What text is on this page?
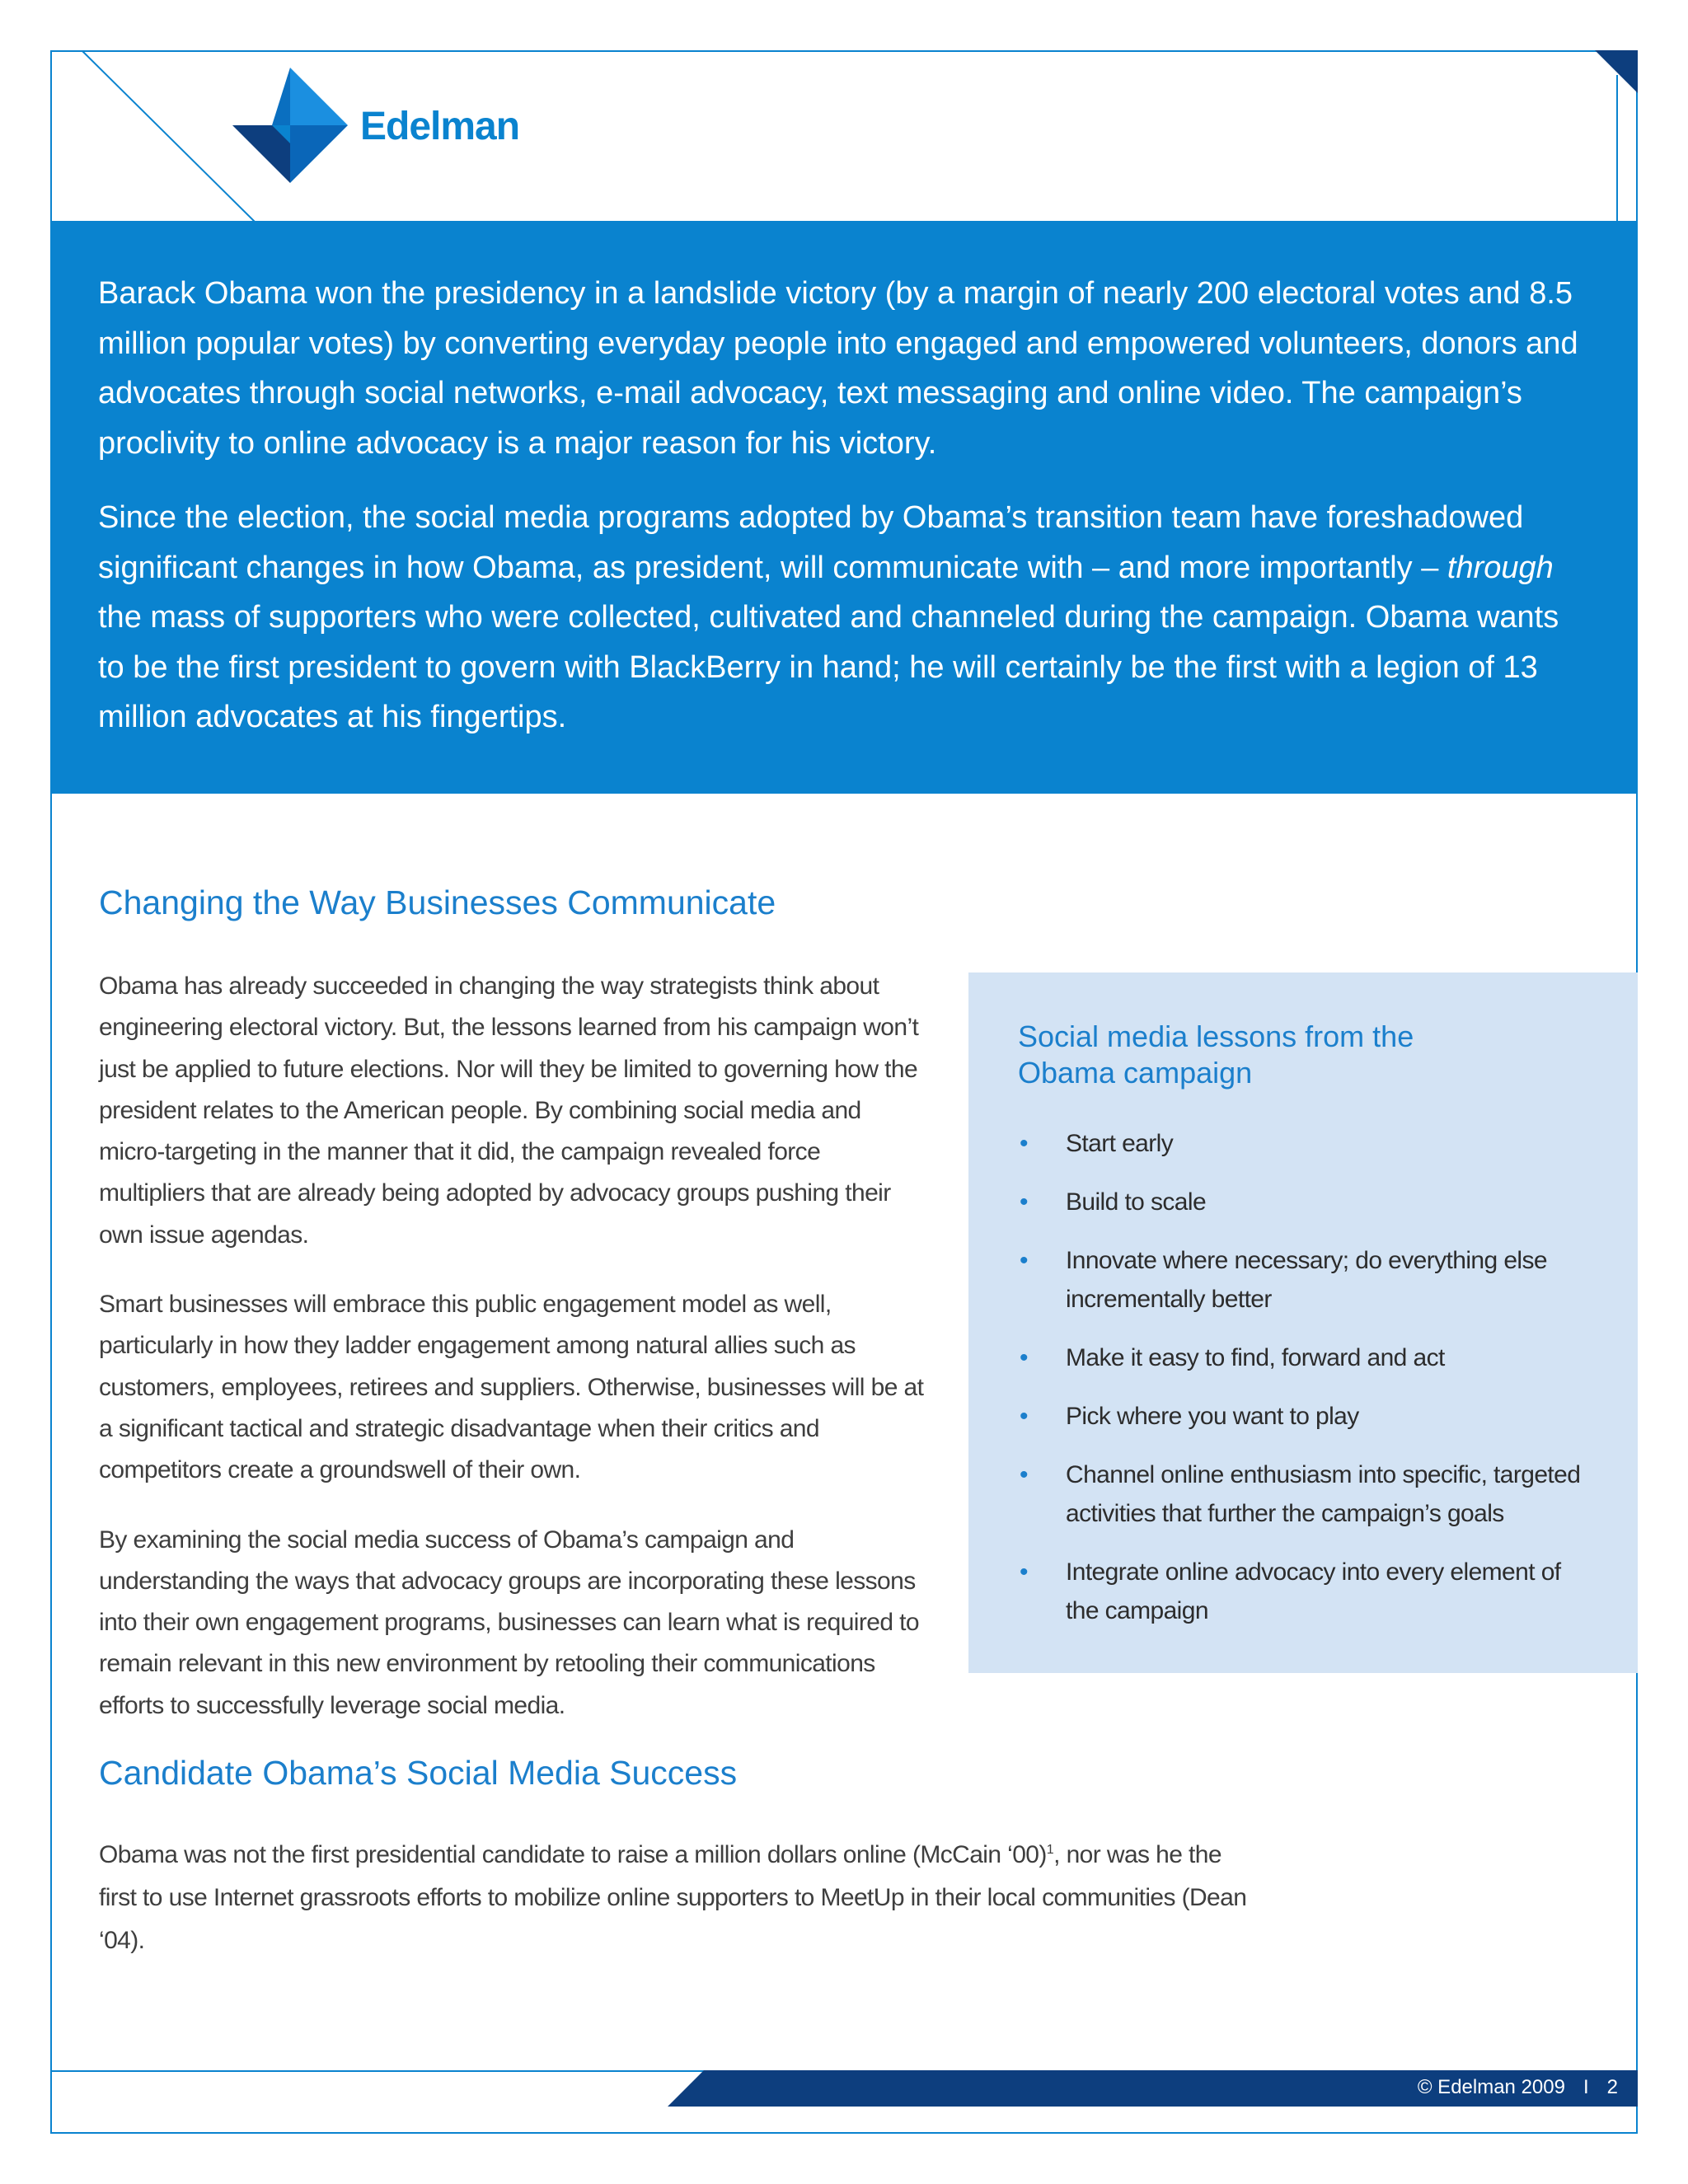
Edelman

Barack Obama won the presidency in a landslide victory (by a margin of nearly 200 electoral votes and 8.5 million popular votes) by converting everyday people into engaged and empowered volunteers, donors and advocates through social networks, e-mail advocacy, text messaging and online video. The campaign’s proclivity to online advocacy is a major reason for his victory.

Since the election, the social media programs adopted by Obama’s transition team have foreshadowed significant changes in how Obama, as president, will communicate with – and more importantly – through the mass of supporters who were collected, cultivated and channeled during the campaign. Obama wants to be the first president to govern with BlackBerry in hand; he will certainly be the first with a legion of 13 million advocates at his fingertips.

Changing the Way Businesses Communicate

Obama has already succeeded in changing the way strategists think about engineering electoral victory. But, the lessons learned from his campaign won’t just be applied to future elections. Nor will they be limited to governing how the president relates to the American people. By combining social media and micro-targeting in the manner that it did, the campaign revealed force multipliers that are already being adopted by advocacy groups pushing their own issue agendas.

Smart businesses will embrace this public engagement model as well, particularly in how they ladder engagement among natural allies such as customers, employees, retirees and suppliers. Otherwise, businesses will be at a significant tactical and strategic disadvantage when their critics and competitors create a groundswell of their own.

By examining the social media success of Obama’s campaign and understanding the ways that advocacy groups are incorporating these lessons into their own engagement programs, businesses can learn what is required to remain relevant in this new environment by retooling their communications efforts to successfully leverage social media.

Social media lessons from the Obama campaign
• Start early
• Build to scale
• Innovate where necessary; do everything else incrementally better
• Make it easy to find, forward and act
• Pick where you want to play
• Channel online enthusiasm into specific, targeted activities that further the campaign’s goals
• Integrate online advocacy into every element of the campaign
Candidate Obama’s Social Media Success

Obama was not the first presidential candidate to raise a million dollars online (McCain ‘00)$^1$, nor was he the first to use Internet grassroots efforts to mobilize online supporters to MeetUp in their local communities (Dean ‘04).

© Edelman 2009 I 2
